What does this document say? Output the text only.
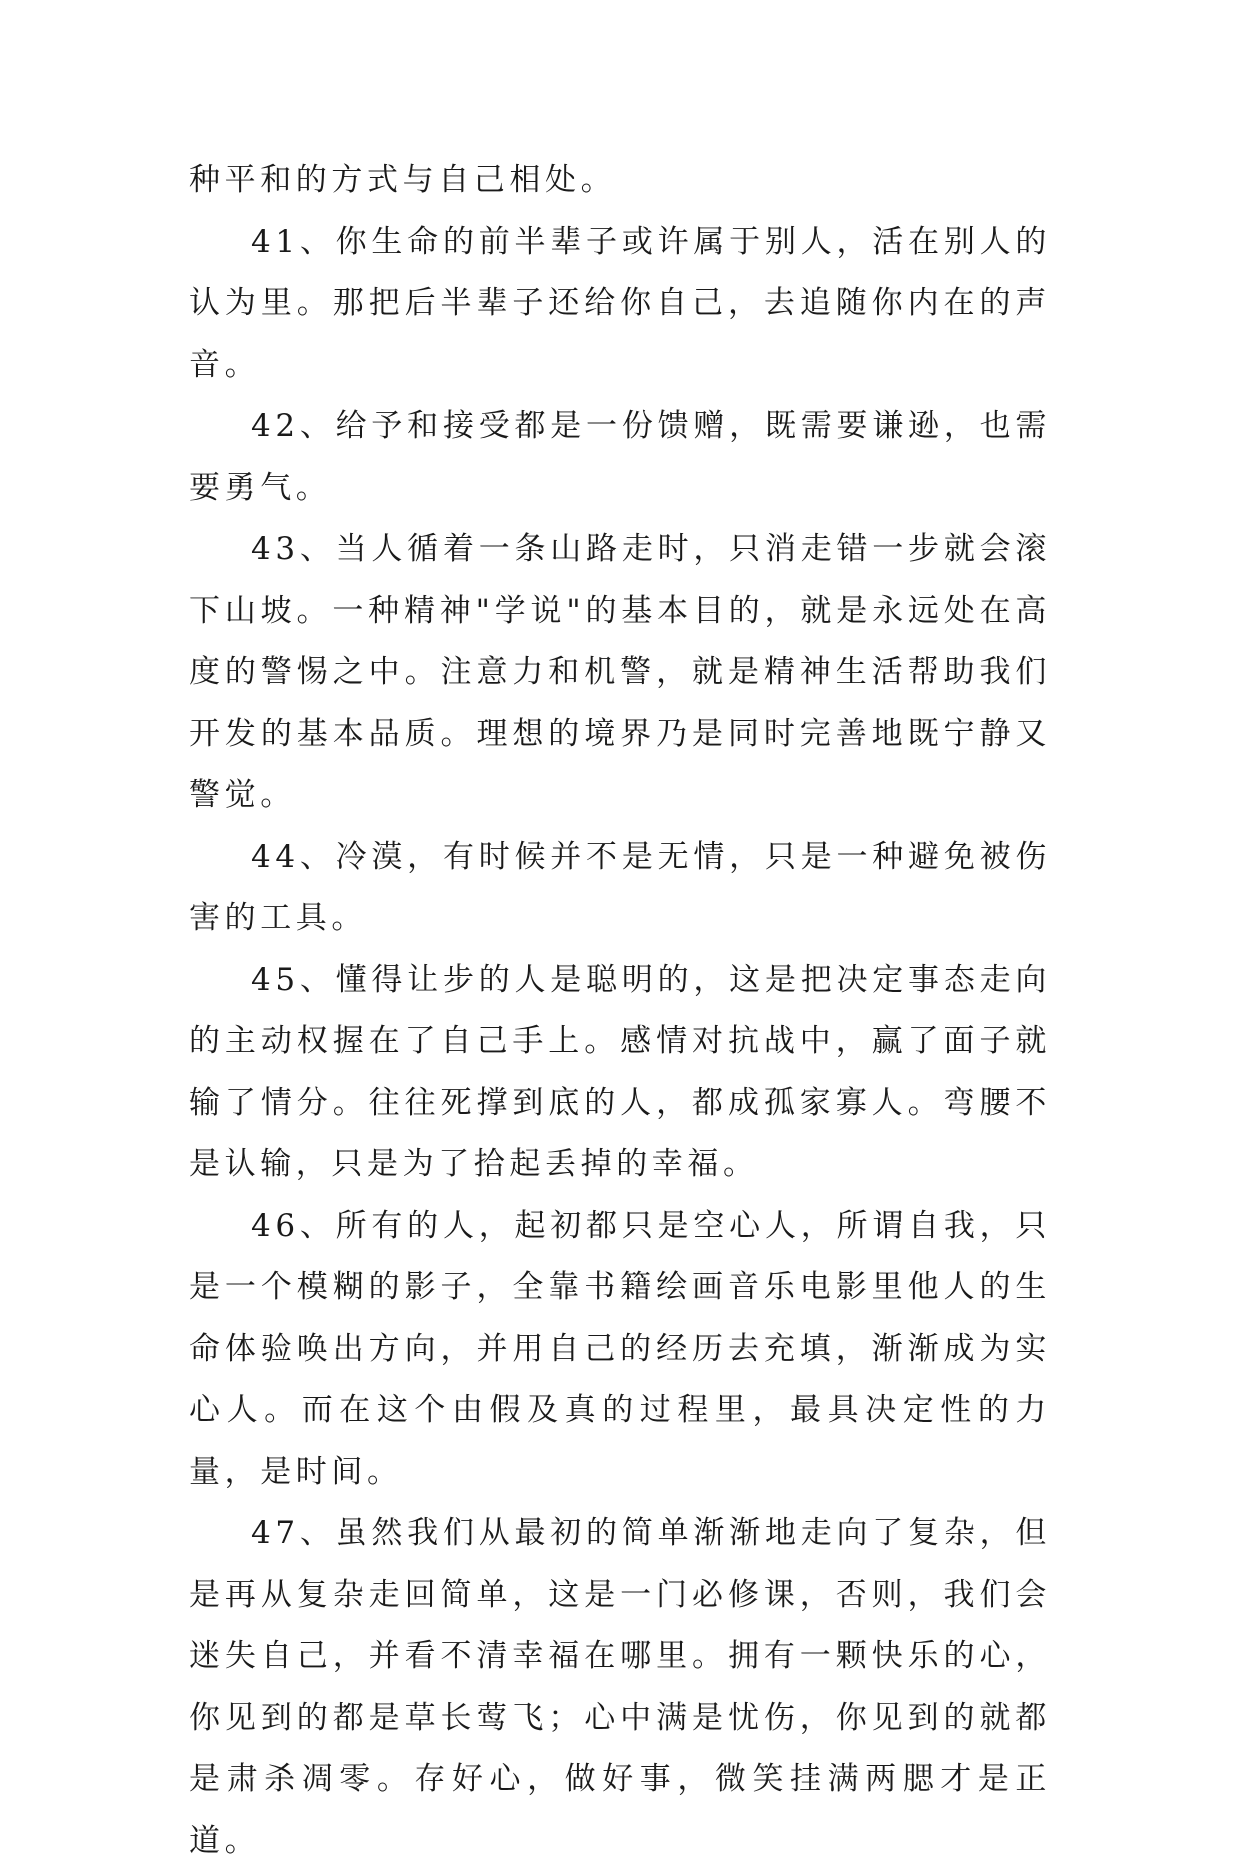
种平和的方式与自己相处。

41、你生命的前半辈子或许属于别人，活在别人的认为里。那把后半辈子还给你自己，去追随你内在的声音。

42、给予和接受都是一份馈赠，既需要谦逊，也需要勇气。

43、当人循着一条山路走时，只消走错一步就会滚下山坡。一种精神"学说"的基本目的，就是永远处在高度的警惕之中。注意力和机警，就是精神生活帮助我们开发的基本品质。理想的境界乃是同时完善地既宁静又警觉。

44、冷漠，有时候并不是无情，只是一种避免被伤害的工具。

45、懂得让步的人是聪明的，这是把决定事态走向的主动权握在了自己手上。感情对抗战中，赢了面子就输了情分。往往死撑到底的人，都成孤家寡人。弯腰不是认输，只是为了拾起丢掉的幸福。

46、所有的人，起初都只是空心人，所谓自我，只是一个模糊的影子，全靠书籍绘画音乐电影里他人的生命体验唤出方向，并用自己的经历去充填，渐渐成为实心人。而在这个由假及真的过程里，最具决定性的力量，是时间。

47、虽然我们从最初的简单渐渐地走向了复杂，但是再从复杂走回简单，这是一门必修课，否则，我们会迷失自己，并看不清幸福在哪里。拥有一颗快乐的心，你见到的都是草长莺飞；心中满是忧伤，你见到的就都是肃杀凋零。存好心，做好事，微笑挂满两腮才是正道。
